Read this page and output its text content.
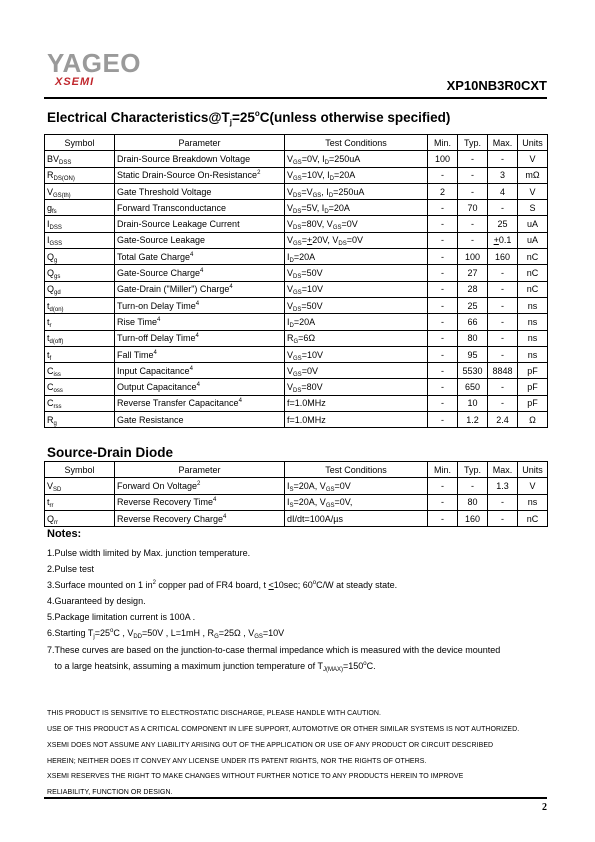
YAGEO
XSEMI	XP10NB3R0CXT
Electrical $Characteristics@T_j=25^oC(unless$ otherwise specified)
Symbol	Parameter	Test Conditions	Min.	Typ.	Max.	Units
$BV_{DSS}$	Drain-Source Breakdown Voltage	$V_{GS}=0V$, $I_D=250uA$	100	-	-	V
$R_{DS(ON)}$	Static Drain-Source On-Resistance$^2$	$V_{GS}=10V$, $I_D=20A$	-	-	3	mΩ
$V_{GS(th)}$	Gate Threshold Voltage	$V_{DS}=V_{GS}$, $I_D=250uA$	2	-	4	V
$g_{fs}$	Forward Transconductance	$V_{DS}=5V$, $I_D=20A$	-	70	-	S
$I_{DSS}$	Drain-Source Leakage Current	$V_{DS}=80V$, $V_{GS}=0V$	-	-	25	uA
$I_{GSS}$	Gate-Source Leakage	$V_{GS}=+20V$, $V_{DS}=0V$	-	-	+0.1	uA
$Q_g$	Total Gate Charge$^4$	$I_D=20A$	-	100	160	nC
$Q_{gs}$	Gate-Source Charge$^4$	$V_{DS}=50V$	-	27	-	nC
$Q_{gd}$	Gate-Drain ("Miller") Charge$^4$	$V_{GS}=10V$	-	28	-	nC
$t_{d(on)}$	Turn-on Delay Time$^4$	$V_{DS}=50V$	-	25	-	ns
$t_r$	Rise Time$^4$	$I_D=20A$	-	66	-	ns
$t_{d(off)}$	Turn-off Delay Time$^4$	$R_G=6\Omega$	-	80	-	ns
$t_f$	Fall Time$^4$	$V_{GS}=10V$	-	95	-	ns
$C_{iss}$	Input Capacitance$^4$	$V_{GS}=0V$	-	5530	8848	pF
$C_{oss}$	Output Capacitance$^4$	$V_{DS}=80V$	-	650	-	pF
$C_{rss}$	Reverse Transfer Capacitance$^4$	f=1.0MHz	-	10	-	pF
$R_g$	Gate Resistance	f=1.0MHz	-	1.2	2.4	Ω
Source-Drain Diode
Symbol	Parameter	Test Conditions	Min.	Typ.	Max.	Units
$V_{SD}$	Forward On Voltage$^2$	$I_S=20A$, $V_{GS}=0V$	-	-	1.3	V
$t_{rr}$	Reverse Recovery Time$^4$	$I_S=20A$, $V_{GS}=0V$,	-	80	-	ns
$Q_{rr}$	Reverse Recovery Charge$^4$	dI/dt=100A/µs	-	160	-	nC
Notes:
1.Pulse width limited by Max. junction temperature.
2.Pulse test
3.Surface mounted on 1 $in^2$ copper pad of FR4 board, t <10sec; 60$^o$C/W at steady state.
4.Guaranteed by design.
5.Package limitation current is 100A .
6.Starting $T_j=25^oC$ , $V_{DD}=50V$ , L=1mH , $R_G=25\Omega$ , $V_{GS}=10V$
7.These curves are based on the junction-to-case thermal impedance which is measured with the device mounted
to a large heatsink, assuming a maximum junction temperature of $T_{J(MAX)}=150^oC$.
THIS PRODUCT IS SENSITIVE TO ELECTROSTATIC DISCHARGE, PLEASE HANDLE WITH CAUTION.
USE OF THIS PRODUCT AS A CRITICAL COMPONENT IN LIFE SUPPORT, AUTOMOTIVE OR OTHER SIMILAR SYSTEMS IS NOT AUTHORIZED.
XSEMI DOES NOT ASSUME ANY LIABILITY ARISING OUT OF THE APPLICATION OR USE OF ANY PRODUCT OR CIRCUIT DESCRIBED
HEREIN; NEITHER DOES IT CONVEY ANY LICENSE UNDER ITS PATENT RIGHTS, NOR THE RIGHTS OF OTHERS.
XSEMI RESERVES THE RIGHT TO MAKE CHANGES WITHOUT FURTHER NOTICE TO ANY PRODUCTS HEREIN TO IMPROVE
RELIABILITY, FUNCTION OR DESIGN.
2
